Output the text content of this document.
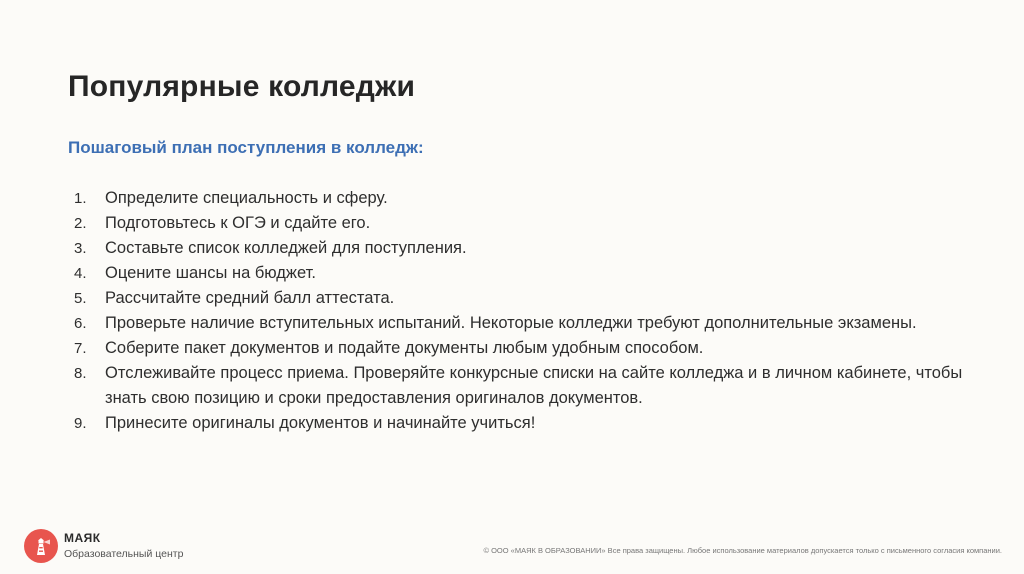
Популярные колледжи
Пошаговый план поступления в колледж:
1.	Определите специальность и сферу.
2.	Подготовьтесь к ОГЭ и сдайте его.
3.	Составьте список колледжей для поступления.
4.	Оцените шансы на бюджет.
5.	Рассчитайте средний балл аттестата.
6.	Проверьте наличие вступительных испытаний. Некоторые колледжи требуют дополнительные экзамены.
7.	Соберите пакет документов и подайте документы любым удобным способом.
8.	Отслеживайте процесс приема. Проверяйте конкурсные списки на сайте колледжа и в личном кабинете, чтобы знать свою позицию и сроки предоставления оригиналов документов.
9.	Принесите оригиналы документов и начинайте учиться!
МАЯК
Образовательный центр	© ООО «МАЯК В ОБРАЗОВАНИИ» Все права защищены. Любое использование материалов допускается только с письменного согласия компании.
